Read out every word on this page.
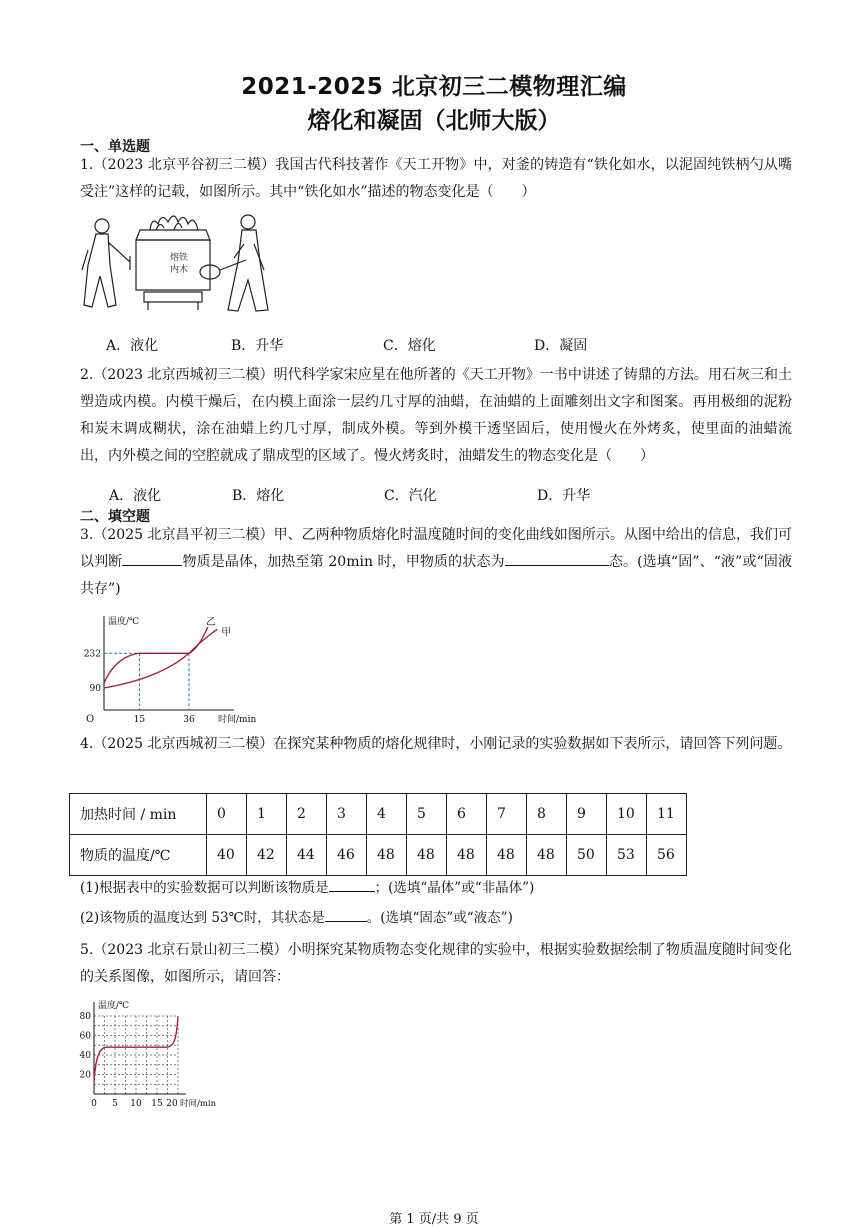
2021-2025 北京初三二模物理汇编
熔化和凝固（北师大版）
一、单选题
1.（2023 北京平谷初三二模）我国古代科技著作《天工开物》中，对釜的铸造有“铁化如水，以泥固纯铁柄勺从嘴受注”这样的记载，如图所示。其中“铁化如水”描述的物态变化是（　　）
熔铁
内木
A．液化	B．升华	C．熔化	D．凝固
2.（2023 北京西城初三二模）明代科学家宋应星在他所著的《天工开物》一书中讲述了铸鼎的方法。用石灰三和土塑造成内模。内模干燥后，在内模上面涂一层约几寸厚的油蜡，在油蜡的上面雕刻出文字和图案。再用极细的泥粉和炭末调成糊状，涂在油蜡上约几寸厚，制成外模。等到外模干透坚固后，使用慢火在外烤炙，使里面的油蜡流出，内外模之间的空腔就成了鼎成型的区域了。慢火烤炙时，油蜡发生的物态变化是（　　）
A．液化	B．熔化	C．汽化	D．升华
二、填空题
3.（2025 北京昌平初三二模）甲、乙两种物质熔化时温度随时间的变化曲线如图所示。从图中给出的信息，我们可以判断	物质是晶体，加热至第 20min 时，甲物质的状态为	态。(选填“固”、“液”或“固液共存”)
温度/℃
时间/min
O	15	36
90
232
甲
乙
4.（2025 北京西城初三二模）在探究某种物质的熔化规律时，小刚记录的实验数据如下表所示，请回答下列问题。
加热时间 / min	0	1	2	3	4	5	6	7	8	9	10	11
物质的温度/℃	40	42	44	46	48	48	48	48	48	50	53	56
(1)根据表中的实验数据可以判断该物质是	；(选填“晶体”或“非晶体”)
(2)该物质的温度达到 53℃时，其状态是	。(选填“固态”或“液态”)
5.（2023 北京石景山初三二模）小明探究某物质物态变化规律的实验中，根据实验数据绘制了物质温度随时间变化的关系图像，如图所示，请回答：
温度/℃
时间/min
0 5 10 15 20
20
40
60
80
第 1 页/共 9 页
